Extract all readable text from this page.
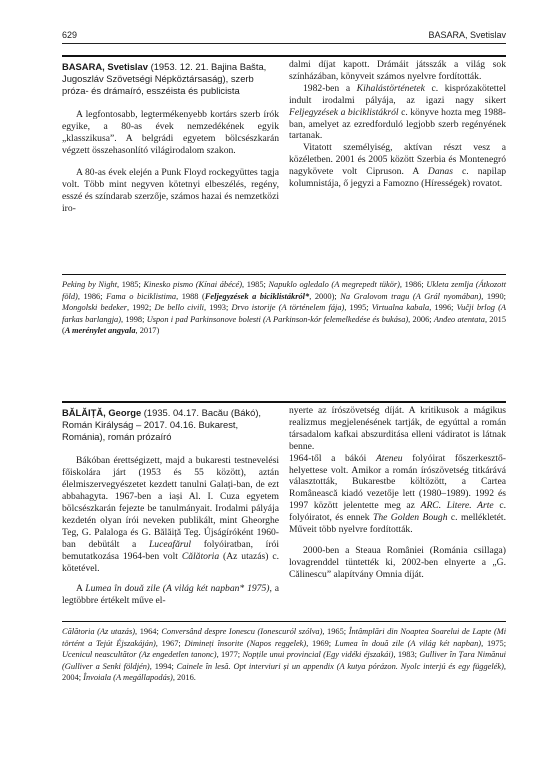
629	BASARA, Svetislav
BASARA, Svetislav (1953. 12. 21. Bajina Bašta, Jugoszláv Szövetségi Népköztársaság), szerb próza- és drámaíró, esszéista és publicista

A legfontosabb, legtermékenyebb kortárs szerb írók egyike, a 80-as évek nemzedékének egyik „klasszikusa”. A belgrádi egyetem bölcsészkarán végzett összehasonlító világirodalom szakon.

A 80-as évek elején a Punk Floyd rockegyüttes tagja volt. Több mint negyven kötetnyi elbeszélés, regény, esszé és színdarab szerzője, számos hazai és nemzetközi iro-

dalmi díjat kapott. Drámáit játsszák a világ sok színházában, könyveit számos nyelvre fordították.

1982-ben a Kihalástörténetek c. kisprózakötettel indult irodalmi pályája, az igazi nagy sikert Feljegyzések a biciklistákról c. könyve hozta meg 1988-ban, amelyet az ezredforduló legjobb szerb regényének tartanak.

Vitatott személyiség, aktívan részt vesz a közéletben. 2001 és 2005 között Szerbia és Montenegró nagykövete volt Cipruson. A Danas c. napilap kolumnistája, ő jegyzi a Famozno (Hírességek) rovatot.

Peking by Night, 1985; Kinesko pismo (Kínai ábécé), 1985; Napuklo ogledalo (A megrepedt tükör), 1986; Ukleta zemlja (Átkozott föld), 1986; Fama o biciklistima, 1988 (Feljegyzések a biciklistákról*, 2000); Na Gralovom tragu (A Grál nyomában), 1990; Mongolski bedeker, 1992; De bello civili, 1993; Drvo istorije (A történelem fája), 1995; Virtualna kabala, 1996; Vučji brlog (A farkas barlangja), 1998; Uspon i pad Parkinsonove bolesti (A Parkinson-kór felemelkedése és bukása), 2006; Anđeo atentata, 2015 (A merénylet angyala, 2017)

BĂLĂIȚĂ, George (1935. 04.17. Bacău (Bákó), Román Királyság – 2017. 04.16. Bukarest, Románia), román prózaíró

Bákóban érettségizett, majd a bukaresti testnevelési főiskolára járt (1953 és 55 között), aztán élelmiszervegyészetet kezdett tanulni Galați-ban, de ezt abbahagyta. 1967-ben a iași Al. I. Cuza egyetem bölcsészkarán fejezte be tanulmányait. Irodalmi pályája kezdetén olyan írói neveken publikált, mint Gheorghe Teg, G. Palaloga és G. Bălăiță Teg. Újságíróként 1960-ban debütált a Luceafărul folyóiratban, írói bemutatkozása 1964-ben volt Călătoria (Az utazás) c. kötetével.

A Lumea în două zile (A világ két napban* 1975), a legtöbbre értékelt műve el-

nyerte az írószövetség díját. A kritikusok a mágikus realizmus megjelenésének tartják, de egyúttal a román társadalom kafkai abszurditása elleni vádiratot is látnak benne.

1964-től a bákói Ateneu folyóirat főszerkesztő-helyettese volt. Amikor a román írószövetség titkárává választották, Bukarestbe költözött, a Cartea Românească kiadó vezetője lett (1980–1989). 1992 és 1997 között jelentette meg az ARC. Litere. Arte c. folyóiratot, és ennek The Golden Bough c. mellékletét. Műveit több nyelvre fordították.

2000-ben a Steaua României (Románia csillaga) lovagrenddel tüntették ki, 2002-ben elnyerte a „G. Călinescu” alapítvány Omnia díját.

Călătoria (Az utazás), 1964; Conversând despre Ionescu (Ionescuról szólva), 1965; Întâmplări din Noaptea Soarelui de Lapte (Mi történt a Tejút Éjszakáján), 1967; Dimineți însorite (Napos reggelek), 1969; Lumea în două zile (A világ két napban), 1975; Ucenicul neascultător (Az engedetlen tanonc), 1977; Nopțile unui provincial (Egy vidéki éjszakái), 1983; Gulliver în Țara Nimănui (Gulliver a Senki földjén), 1994; Cainele în lesă. Opt interviuri și un appendix (A kutya pórázon. Nyolc interjú és egy függelék), 2004; Învoiala (A megállapodás), 2016.
